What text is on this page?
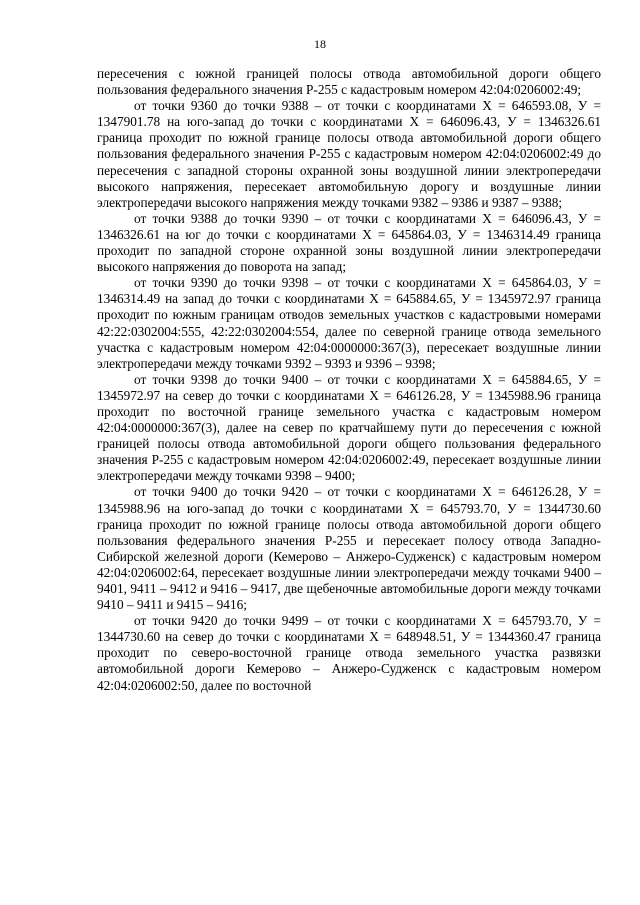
18

пересечения с южной границей полосы отвода автомобильной дороги общего пользования федерального значения Р-255 с кадастровым номером 42:04:0206002:49;

от точки 9360 до точки 9388 – от точки с координатами Х = 646593.08, У = 1347901.78 на юго-запад до точки с координатами Х = 646096.43, У = 1346326.61 граница проходит по южной границе полосы отвода автомобильной дороги общего пользования федерального значения Р-255 с кадастровым номером 42:04:0206002:49 до пересечения с западной стороны охранной зоны воздушной линии электропередачи высокого напряжения, пересекает автомобильную дорогу и воздушные линии электропередачи высокого напряжения между точками 9382 – 9386 и 9387 – 9388;

от точки 9388 до точки 9390 – от точки с координатами Х = 646096.43, У = 1346326.61 на юг до точки с координатами Х = 645864.03, У = 1346314.49 граница проходит по западной стороне охранной зоны воздушной линии электропередачи высокого напряжения до поворота на запад;

от точки 9390 до точки 9398 – от точки с координатами Х = 645864.03, У = 1346314.49 на запад до точки с координатами Х = 645884.65, У = 1345972.97 граница проходит по южным границам отводов земельных участков с кадастровыми номерами 42:22:0302004:555, 42:22:0302004:554, далее по северной границе отвода земельного участка с кадастровым номером 42:04:0000000:367(3), пересекает воздушные линии электропередачи между точками 9392 – 9393 и 9396 – 9398;

от точки 9398 до точки 9400 – от точки с координатами Х = 645884.65, У = 1345972.97 на север до точки с координатами Х = 646126.28, У = 1345988.96 граница проходит по восточной границе земельного участка с кадастровым номером 42:04:0000000:367(3), далее на север по кратчайшему пути до пересечения с южной границей полосы отвода автомобильной дороги общего пользования федерального значения Р-255 с кадастровым номером 42:04:0206002:49, пересекает воздушные линии электропередачи между точками 9398 – 9400;

от точки 9400 до точки 9420 – от точки с координатами Х = 646126.28, У = 1345988.96 на юго-запад до точки с координатами Х = 645793.70, У = 1344730.60 граница проходит по южной границе полосы отвода автомобильной дороги общего пользования федерального значения Р-255 и пересекает полосу отвода Западно-Сибирской железной дороги (Кемерово – Анжеро-Судженск) с кадастровым номером 42:04:0206002:64, пересекает воздушные линии электропередачи между точками 9400 – 9401, 9411 – 9412 и 9416 – 9417, две щебеночные автомобильные дороги между точками 9410 – 9411 и 9415 – 9416;

от точки 9420 до точки 9499 – от точки с координатами Х = 645793.70, У = 1344730.60 на север до точки с координатами Х = 648948.51, У = 1344360.47 граница проходит по северо-восточной границе отвода земельного участка развязки автомобильной дороги Кемерово – Анжеро-Судженск с кадастровым номером 42:04:0206002:50, далее по восточной
